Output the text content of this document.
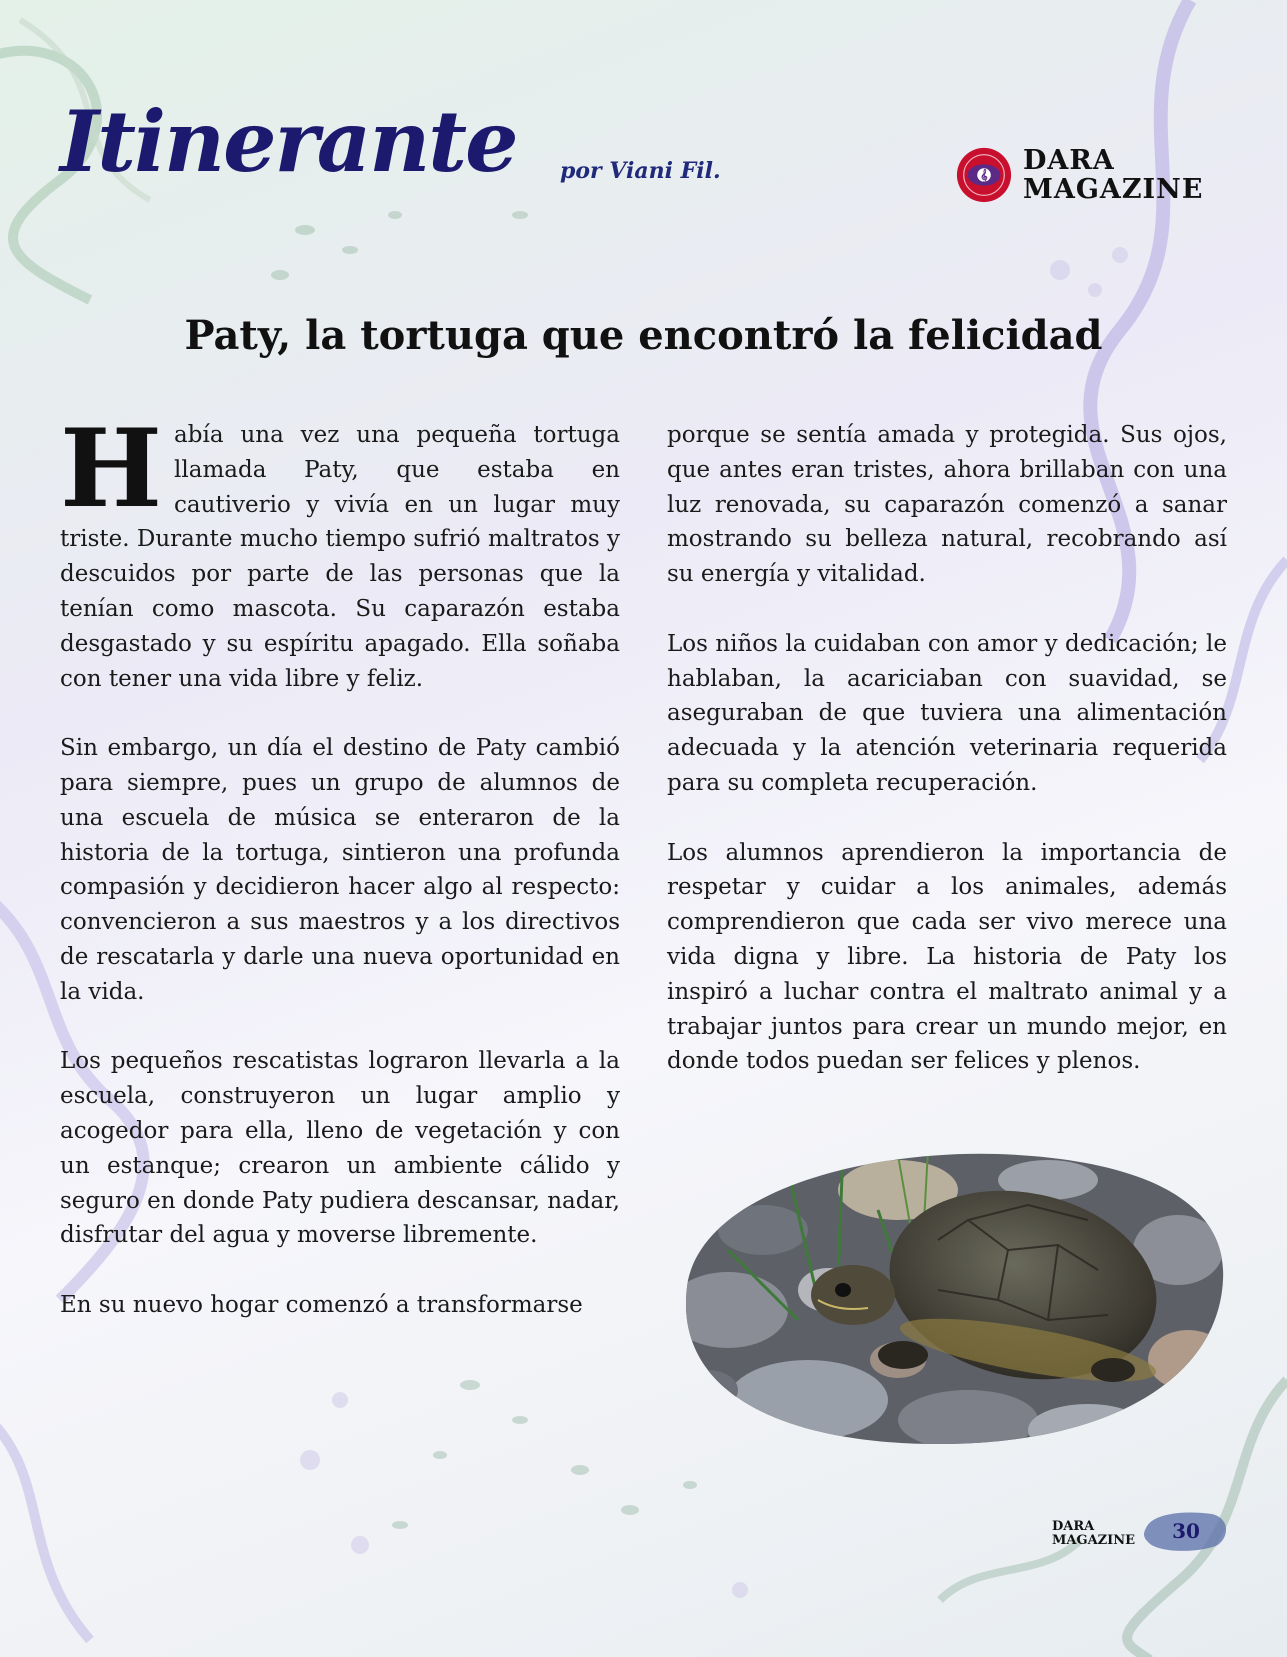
Itinerante por Viani Fil.	𝄞 DARA
MAGAZINE
Paty, la tortuga que encontró la felicidad

H abía una vez una pequeña tortuga llamada Paty, que estaba en cautiverio y vivía en un lugar muy triste. Durante mucho tiempo sufrió maltratos y descuidos por parte de las personas que la tenían como mascota. Su caparazón estaba desgastado y su espíritu apagado. Ella soñaba con tener una vida libre y feliz.

Sin embargo, un día el destino de Paty cambió para siempre, pues un grupo de alumnos de una escuela de música se enteraron de la historia de la tortuga, sintieron una profunda compasión y decidieron hacer algo al respecto: convencieron a sus maestros y a los directivos de rescatarla y darle una nueva oportunidad en la vida.

Los pequeños rescatistas lograron llevarla a la escuela, construyeron un lugar amplio y acogedor para ella, lleno de vegetación y con un estanque; crearon un ambiente cálido y seguro en donde Paty pudiera descansar, nadar, disfrutar del agua y moverse libremente.

En su nuevo hogar comenzó a transformarse

porque se sentía amada y protegida. Sus ojos, que antes eran tristes, ahora brillaban con una luz renovada, su caparazón comenzó a sanar mostrando su belleza natural, recobrando así su energía y vitalidad.

Los niños la cuidaban con amor y dedicación; le hablaban, la acariciaban con suavidad, se aseguraban de que tuviera una alimentación adecuada y la atención veterinaria requerida para su completa recuperación.

Los alumnos aprendieron la importancia de respetar y cuidar a los animales, además comprendieron que cada ser vivo merece una vida digna y libre. La historia de Paty los inspiró a luchar contra el maltrato animal y a trabajar juntos para crear un mundo mejor, en donde todos puedan ser felices y plenos.

DARA
MAGAZINE	30
